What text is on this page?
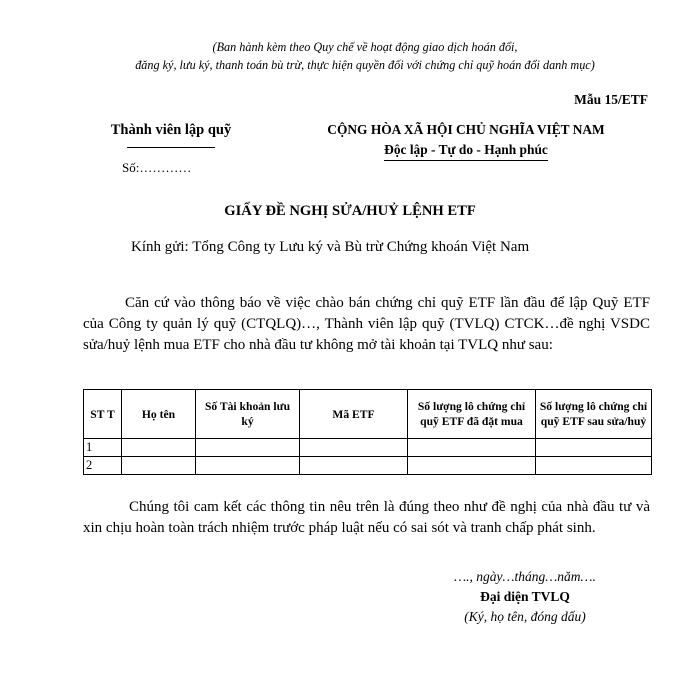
(Ban hành kèm theo Quy chế về hoạt động giao dịch hoán đổi,
đăng ký, lưu ký, thanh toán bù trừ, thực hiện quyền đối với chứng chỉ quỹ hoán đổi danh mục)
Mẫu 15/ETF
Thành viên lập quỹ
Số:…………
CỘNG HÒA XÃ HỘI CHỦ NGHĨA VIỆT NAM
Độc lập - Tự do - Hạnh phúc
GIẤY ĐỀ NGHỊ SỬA/HUỶ LỆNH ETF
Kính gửi: Tổng Công ty Lưu ký và Bù trừ Chứng khoán Việt Nam
Căn cứ vào thông báo về việc chào bán chứng chỉ quỹ ETF lần đầu để lập Quỹ ETF của Công ty quản lý quỹ (CTQLQ)…, Thành viên lập quỹ (TVLQ) CTCK…đề nghị VSDC sửa/huỷ lệnh mua ETF cho nhà đầu tư không mở tài khoản tại TVLQ như sau:
ST T	Họ tên	Số Tài khoản lưu ký	Mã ETF	Số lượng lô chứng chỉ quỹ ETF đã đặt mua	Số lượng lô chứng chỉ quỹ ETF sau sửa/huỷ
1					
2					
Chúng tôi cam kết các thông tin nêu trên là đúng theo như đề nghị của nhà đầu tư và xin chịu hoàn toàn trách nhiệm trước pháp luật nếu có sai sót và tranh chấp phát sinh.
…., ngày…tháng…năm….
Đại diện TVLQ
(Ký, họ tên, đóng dấu)
